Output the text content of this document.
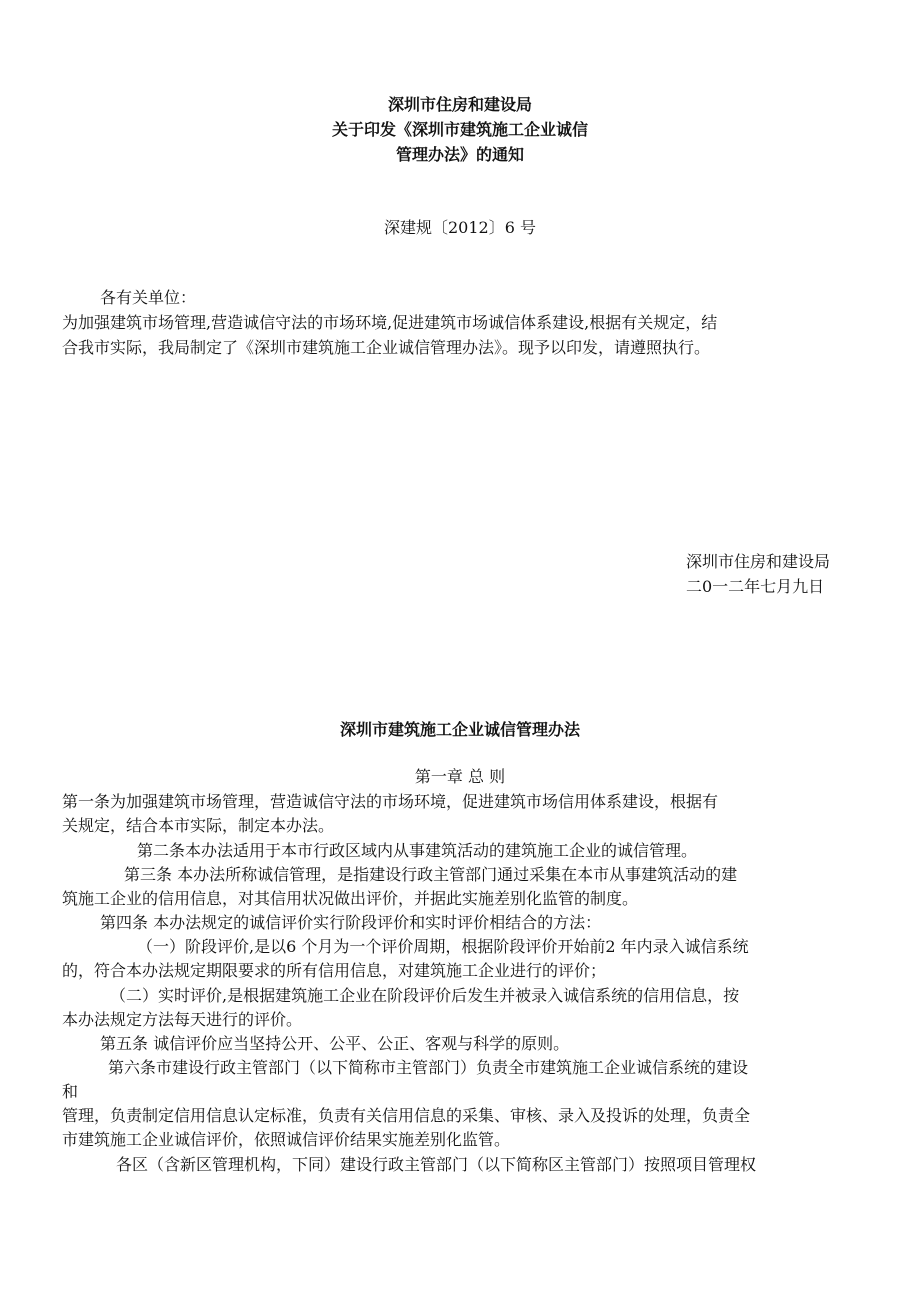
深圳市住房和建设局

关于印发《深圳市建筑施工企业诚信

管理办法》的通知

深建规〔2012〕6 号

各有关单位：

为加强建筑市场管理,营造诚信守法的市场环境,促进建筑市场诚信体系建设,根据有关规定，结

合我市实际，我局制定了《深圳市建筑施工企业诚信管理办法》。现予以印发，请遵照执行。

深圳市住房和建设局

二0一二年七月九日

深圳市建筑施工企业诚信管理办法

第一章 总 则

第一条为加强建筑市场管理，营造诚信守法的市场环境，促进建筑市场信用体系建设，根据有

关规定，结合本市实际，制定本办法。

第二条本办法适用于本市行政区域内从事建筑活动的建筑施工企业的诚信管理。

第三条 本办法所称诚信管理，是指建设行政主管部门通过采集在本市从事建筑活动的建

筑施工企业的信用信息，对其信用状况做出评价，并据此实施差别化监管的制度。

第四条 本办法规定的诚信评价实行阶段评价和实时评价相结合的方法：

（一）阶段评价,是以6 个月为一个评价周期，根据阶段评价开始前2 年内录入诚信系统

的，符合本办法规定期限要求的所有信用信息，对建筑施工企业进行的评价；

（二）实时评价,是根据建筑施工企业在阶段评价后发生并被录入诚信系统的信用信息，按

本办法规定方法每天进行的评价。

第五条 诚信评价应当坚持公开、公平、公正、客观与科学的原则。

第六条市建设行政主管部门（以下简称市主管部门）负责全市建筑施工企业诚信系统的建设

和

管理，负责制定信用信息认定标准，负责有关信用信息的采集、审核、录入及投诉的处理，负责全

市建筑施工企业诚信评价，依照诚信评价结果实施差别化监管。

各区（含新区管理机构，下同）建设行政主管部门（以下简称区主管部门）按照项目管理权
